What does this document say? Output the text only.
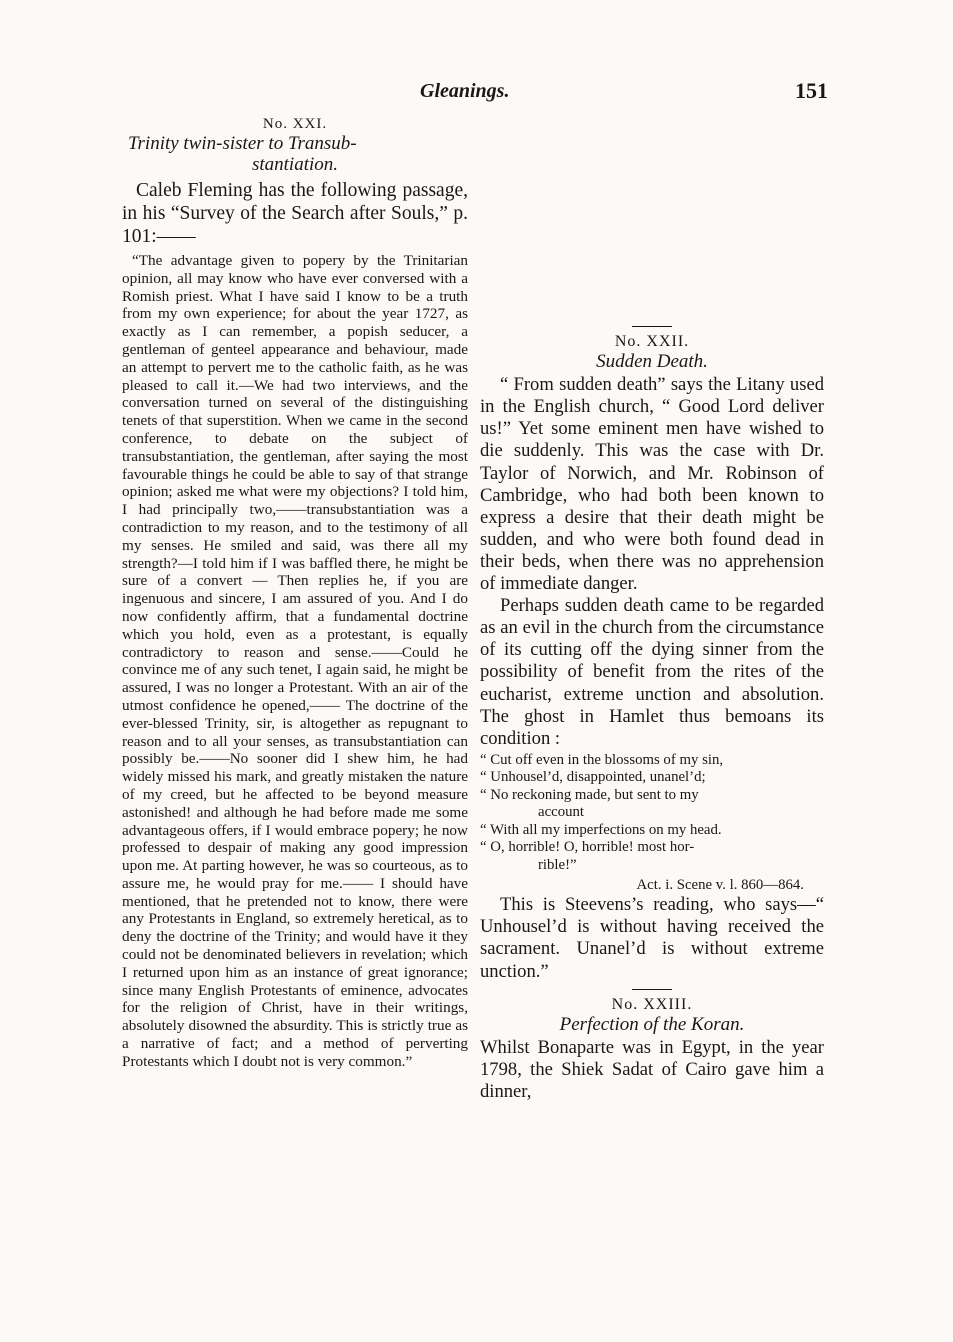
Gleanings.	151

No. XXI.

Trinity twin-sister to Transub-

stantiation.

Caleb Fleming has the following passage, in his “Survey of the Search after Souls,” p. 101:——

“The advantage given to popery by the Trinitarian opinion, all may know who have ever conversed with a Romish priest. What I have said I know to be a truth from my own experience; for about the year 1727, as exactly as I can remember, a popish seducer, a gentleman of genteel appearance and behaviour, made an attempt to pervert me to the catholic faith, as he was pleased to call it.—We had two interviews, and the conversation turned on several of the distinguishing tenets of that superstition. When we came in the second conference, to debate on the subject of transubstantiation, the gentleman, after saying the most favourable things he could be able to say of that strange opinion; asked me what were my objections? I told him, I had principally two,——transubstantiation was a contradiction to my reason, and to the testimony of all my senses. He smiled and said, was there all my strength?—I told him if I was baffled there, he might be sure of a convert — Then replies he, if you are ingenuous and sincere, I am assured of you. And I do now confidently affirm, that a fundamental doctrine which you hold, even as a protestant, is equally contradictory to reason and sense.——Could he convince me of any such tenet, I again said, he might be assured, I was no longer a Protestant. With an air of the utmost confidence he opened,—— The doctrine of the ever-blessed Trinity, sir, is altogether as repugnant to reason and to all your senses, as transubstantiation can possibly be.——No sooner did I shew him, he had widely missed his mark, and greatly mistaken the nature of my creed, but he affected to be beyond measure astonished! and although he had before made me some advantageous offers, if I would embrace popery; he now professed to despair of making any good impression upon me. At parting however, he was so courteous, as to assure me, he would pray for me.—— I should have mentioned, that he pretended not to know, there were any Protestants in England, so extremely heretical, as to deny the doctrine of the Trinity; and would have it they could not be denominated believers in revelation; which I returned upon him as an instance of great ignorance; since many English Protestants of eminence, advocates for the religion of Christ, have in their writings, absolutely disowned the absurdity. This is strictly true as a narrative of fact; and a method of perverting Protestants which I doubt not is very common.”

No. XXII.

Sudden Death.

“ From sudden death” says the Litany used in the English church, “ Good Lord deliver us!” Yet some eminent men have wished to die suddenly. This was the case with Dr. Taylor of Norwich, and Mr. Robinson of Cambridge, who had both been known to express a desire that their death might be sudden, and who were both found dead in their beds, when there was no apprehension of immediate danger.

Perhaps sudden death came to be regarded as an evil in the church from the circumstance of its cutting off the dying sinner from the possibility of benefit from the rites of the eucharist, extreme unction and absolution. The ghost in Hamlet thus bemoans its condition :

“ Cut off even in the blossoms of my sin,
“ Unhousel’d, disappointed, unanel’d;
“ No reckoning made, but sent to my
account
“ With all my imperfections on my head.
“ O, horrible! O, horrible! most hor-
rible!”

Act. i. Scene v. l. 860—864.

This is Steevens’s reading, who says—“ Unhousel’d is without having received the sacrament. Unanel’d is without extreme unction.”

No. XXIII.

Perfection of the Koran.

Whilst Bonaparte was in Egypt, in the year 1798, the Shiek Sadat of Cairo gave him a dinner,
